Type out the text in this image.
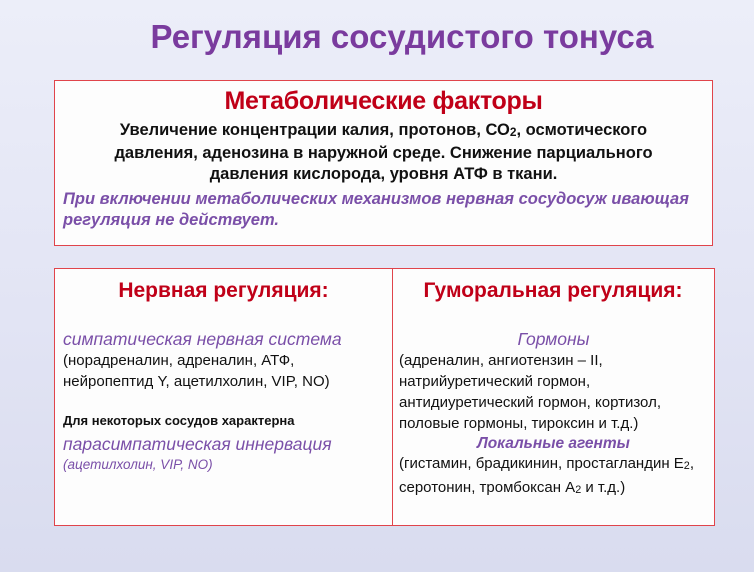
Регуляция сосудистого тонуса
Метаболические факторы
Увеличение концентрации калия, протонов, $СО_2$, осмотического давления, аденозина в наружной среде. Снижение парциального давления кислорода, уровня АТФ в ткани.
При включении метаболических механизмов нервная сосудосуж ивающая регуляция не действует.
Нервная регуляция:
симпатическая нервная система
(норадреналин, адреналин, АТФ, нейропептид Y, ацетилхолин, VIP, NO)
Для некоторых сосудов характерна
парасимпатическая иннервация
(ацетилхолин, VIP, NO)
Гуморальная регуляция:
Гормоны
(адреналин, ангиотензин – II, натрийуретический гормон, антидиуретический гормон, кортизол, половые гормоны, тироксин и т.д.)
Локальные агенты
(гистамин, брадикинин, простагландин $Е_2$, серотонин, тромбоксан $А_2$ и т.д.)
